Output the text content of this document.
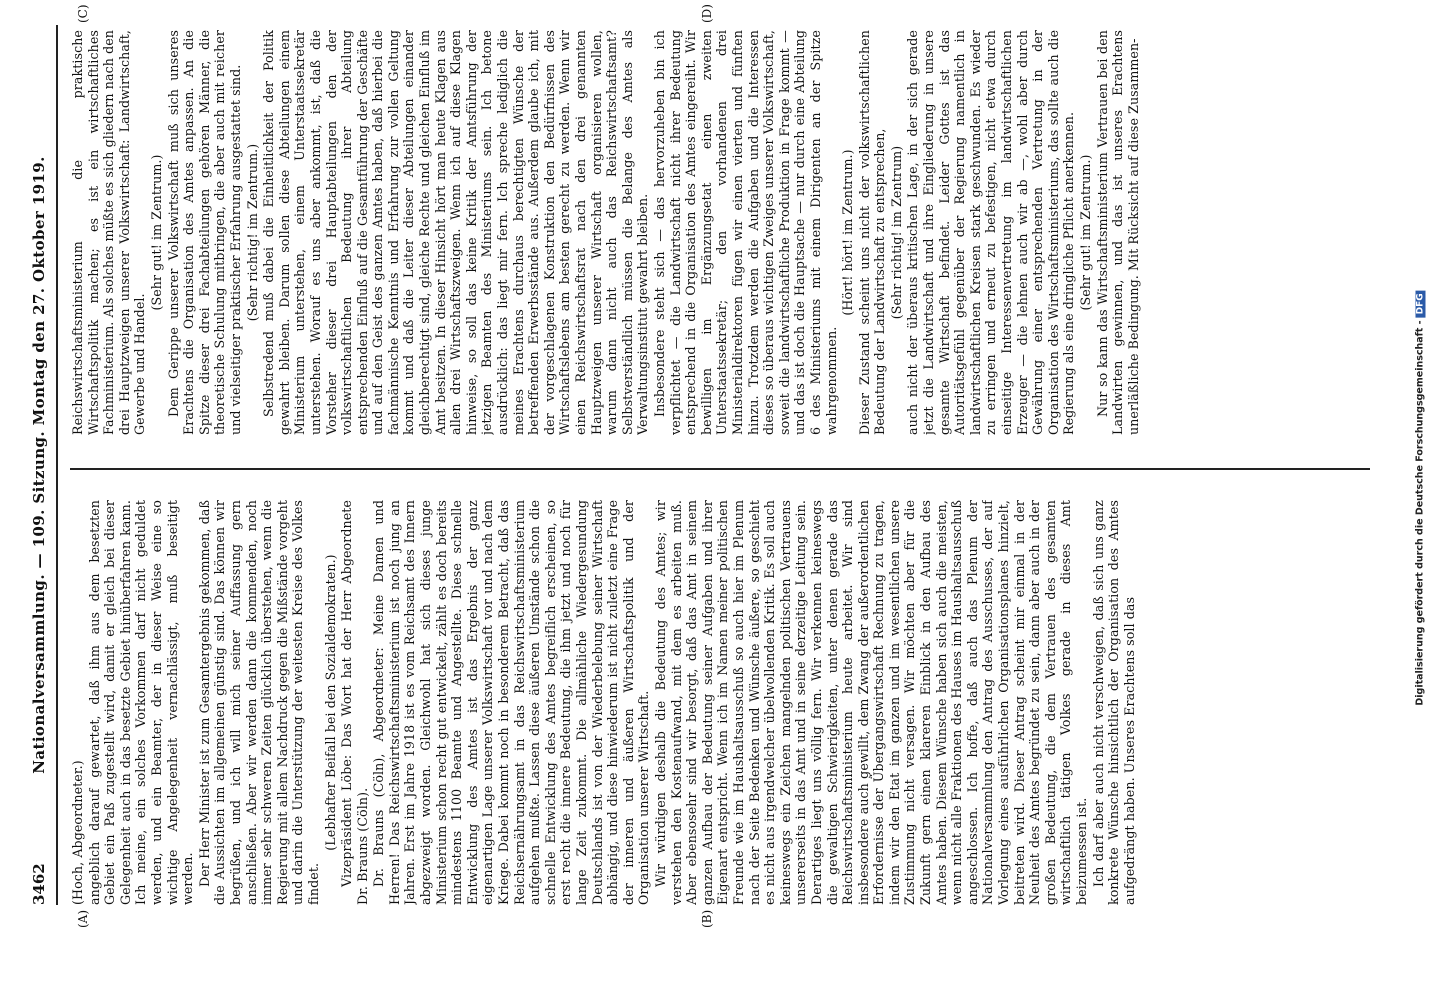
3462
Nationalversammlung. — 109. Sitzung. Montag den 27. Oktober 1919.
(A)	(B)
(C)	(D)

(Hoch, Abgeordneter.) angeblich darauf gewartet, daß ihm aus dem besetzten Gebiet ein Paß zugestellt wird, damit er gleich bei dieser Gelegenheit auch in das besetzte Gebiet hinüberfahren kann. Ich meine, ein solches Vorkommen darf nicht geduldet werden, und ein Beamter, der in dieser Weise eine so wichtige Angelegenheit vernachlässigt, muß beseitigt werden. Der Herr Minister ist zum Gesamtergebnis gekommen, daß die Aussichten im allgemeinen günstig sind. Das können wir begrüßen, und ich will mich seiner Auffassung gern anschließen. Aber wir werden dann die kommenden, noch immer sehr schweren Zeiten glücklich überstehen, wenn die Regierung mit allem Nachdruck gegen die Mißstände vorgeht und darin die Unterstützung der weitesten Kreise des Volkes findet.

(Lebhafter Beifall bei den Sozialdemokraten.) Vizepräsident Löbe: Das Wort hat der Herr Abgeordnete Dr. Brauns (Cöln). Dr. Brauns (Cöln), Abgeordneter: Meine Damen und Herren! Das Reichswirtschaftsministerium ist noch jung an Jahren. Erst im Jahre 1918 ist es vom Reichsamt des Innern abgezweigt worden. Gleichwohl hat sich dieses junge Ministerium schon recht gut entwickelt, zählt es doch bereits mindestens 1100 Beamte und Angestellte. Diese schnelle Entwicklung des Amtes ist das Ergebnis der ganz eigenartigen Lage unserer Volkswirtschaft vor und nach dem Kriege. Dabei kommt noch in besonderem Betracht, daß das Reichsernährungsamt in das Reichswirtschaftsministerium aufgehen mußte. Lassen diese äußeren Umstände schon die schnelle Entwicklung des Amtes begreiflich erscheinen, so erst recht die innere Bedeutung, die ihm jetzt und noch für lange Zeit zukommt. Die allmähliche Wiedergesundung Deutschlands ist von der Wiederbelebung seiner Wirtschaft abhängig, und diese hinwiederum ist nicht zuletzt eine Frage der inneren und äußeren Wirtschaftspolitik und der Organisation unserer Wirtschaft. Wir würdigen deshalb die Bedeutung des Amtes; wir verstehen den Kostenaufwand, mit dem es arbeiten muß. Aber ebensosehr sind wir besorgt, daß das Amt in seinem ganzen Aufbau der Bedeutung seiner Aufgaben und ihrer Eigenart entspricht. Wenn ich im Namen meiner politischen Freunde wie im Haushaltsausschuß so auch hier im Plenum nach der Seite Bedenken und Wünsche äußere, so geschieht es nicht aus irgendwelcher übelwollenden Kritik. Es soll auch keineswegs ein Zeichen mangelnden politischen Vertrauens unsererseits in das Amt und in seine derzeitige Leitung sein. Derartiges liegt uns völlig fern. Wir verkennen keineswegs die gewaltigen Schwierigkeiten, unter denen gerade das Reichswirtschaftsministerium heute arbeitet. Wir sind insbesondere auch gewillt, dem Zwang der außerordentlichen Erfordernisse der Übergangswirtschaft Rechnung zu tragen, indem wir den Etat im ganzen und im wesentlichen unsere Zustimmung nicht versagen. Wir möchten aber für die Zukunft gern einen klareren Einblick in den Aufbau des Amtes haben. Diesem Wünsche haben sich auch die meisten, wenn nicht alle Fraktionen des Hauses im Haushaltsausschuß angeschlossen. Ich hoffe, daß auch das Plenum der Nationalversammlung den Antrag des Ausschusses, der auf Vorlegung eines ausführlichen Organisationsplanes hinzielt, beitreten wird. Dieser Antrag scheint mir einmal in der Neuheit des Amtes begründet zu sein, dann aber auch in der großen Bedeutung, die dem Vertrauen des gesamten wirtschaftlich tätigen Volkes gerade in dieses Amt beizumessen ist. Ich darf aber auch nicht verschweigen, daß sich uns ganz konkrete Wünsche hinsichtlich der Organisation des Amtes aufgedrängt haben. Unseres Erachtens soll das

Reichswirtschaftsministerium die praktische Wirtschaftspolitik machen; es ist ein wirtschaftliches Fachministerium. Als solches müßte es sich gliedern nach den drei Hauptzweigen unserer Volkswirtschaft: Landwirtschaft, Gewerbe und Handel.

(Sehr gut! im Zentrum.) Dem Gerippe unserer Volkswirtschaft muß sich unseres Erachtens die Organisation des Amtes anpassen. An die Spitze dieser drei Fachabteilungen gehören Männer, die theoretische Schulung mitbringen, die aber auch mit reicher und vielseitiger praktischer Erfahrung ausgestattet sind. (Sehr richtig! im Zentrum.) Selbstredend muß dabei die Einheitlichkeit der Politik gewahrt bleiben. Darum sollen diese Abteilungen einem Ministerium unterstehen, einem Unterstaatssekretär unterstehen. Worauf es uns aber ankommt, ist, daß die Vorsteher dieser drei Hauptabteilungen den der volkswirtschaftlichen Bedeutung ihrer Abteilung entsprechenden Einfluß auf die Gesamtführung der Geschäfte und auf den Geist des ganzen Amtes haben, daß hierbei die fachmännische Kenntnis und Erfahrung zur vollen Geltung kommt und daß die Leiter dieser Abteilungen einander gleichberechtigt sind, gleiche Rechte und gleichen Einfluß im Amt besitzen. In dieser Hinsicht hört man heute Klagen aus allen drei Wirtschaftszweigen. Wenn ich auf diese Klagen hinweise, so soll das keine Kritik der Amtsführung der jetzigen Beamten des Ministeriums sein. Ich betone ausdrücklich: das liegt mir fern. Ich spreche lediglich die meines Erachtens durchaus berechtigten Wünsche der betreffenden Erwerbsstände aus. Außerdem glaube ich, mit der vorgeschlagenen Konstruktion den Bedürfnissen des Wirtschaftslebens am besten gerecht zu werden. Wenn wir einen Reichswirtschaftsrat nach den drei genannten Hauptzweigen unserer Wirtschaft organisieren wollen, warum dann nicht auch das Reichswirtschaftsamt? Selbstverständlich müssen die Belange des Amtes als Verwaltungsinstitut gewahrt bleiben. Insbesondere steht sich — das hervorzuheben bin ich verpflichtet — die Landwirtschaft nicht ihrer Bedeutung entsprechend in die Organisation des Amtes eingereiht. Wir bewilligen im Ergänzungsetat einen zweiten Unterstaatssekretär; den vorhandenen drei Ministerialdirektoren fügen wir einen vierten und fünften hinzu. Trotzdem werden die Aufgaben und die Interessen dieses so überaus wichtigen Zweiges unserer Volkswirtschaft, soweit die landwirtschaftliche Produktion in Frage kommt — und das ist doch die Hauptsache — nur durch eine Abteilung 6 des Ministeriums mit einem Dirigenten an der Spitze wahrgenommen.

(Hört! hört! im Zentrum.) Dieser Zustand scheint uns nicht der volkswirtschaftlichen Bedeutung der Landwirtschaft zu entsprechen, (Sehr richtig! im Zentrum) auch nicht der überaus kritischen Lage, in der sich gerade jetzt die Landwirtschaft und ihre Eingliederung in unsere gesamte Wirtschaft befindet. Leider Gottes ist das Autoritätsgefühl gegenüber der Regierung namentlich in landwirtschaftlichen Kreisen stark geschwunden. Es wieder zu erringen und erneut zu befestigen, nicht etwa durch einseitige Interessenvertretung im landwirtschaftlichen Erzeuger — die lehnen auch wir ab —, wohl aber durch Gewährung einer entsprechenden Vertretung in der Organisation des Wirtschaftsministeriums, das sollte auch die Regierung als eine dringliche Pflicht anerkennen. (Sehr gut! im Zentrum.) Nur so kann das Wirtschaftsministerium Vertrauen bei den Landwirten gewinnen, und das ist unseres Erachtens unerläßliche Bedingung. Mit Rücksicht auf diese Zusammen-

Digitalisierung gefördert durch die Deutsche Forschungsgemeinschaft -DFG
